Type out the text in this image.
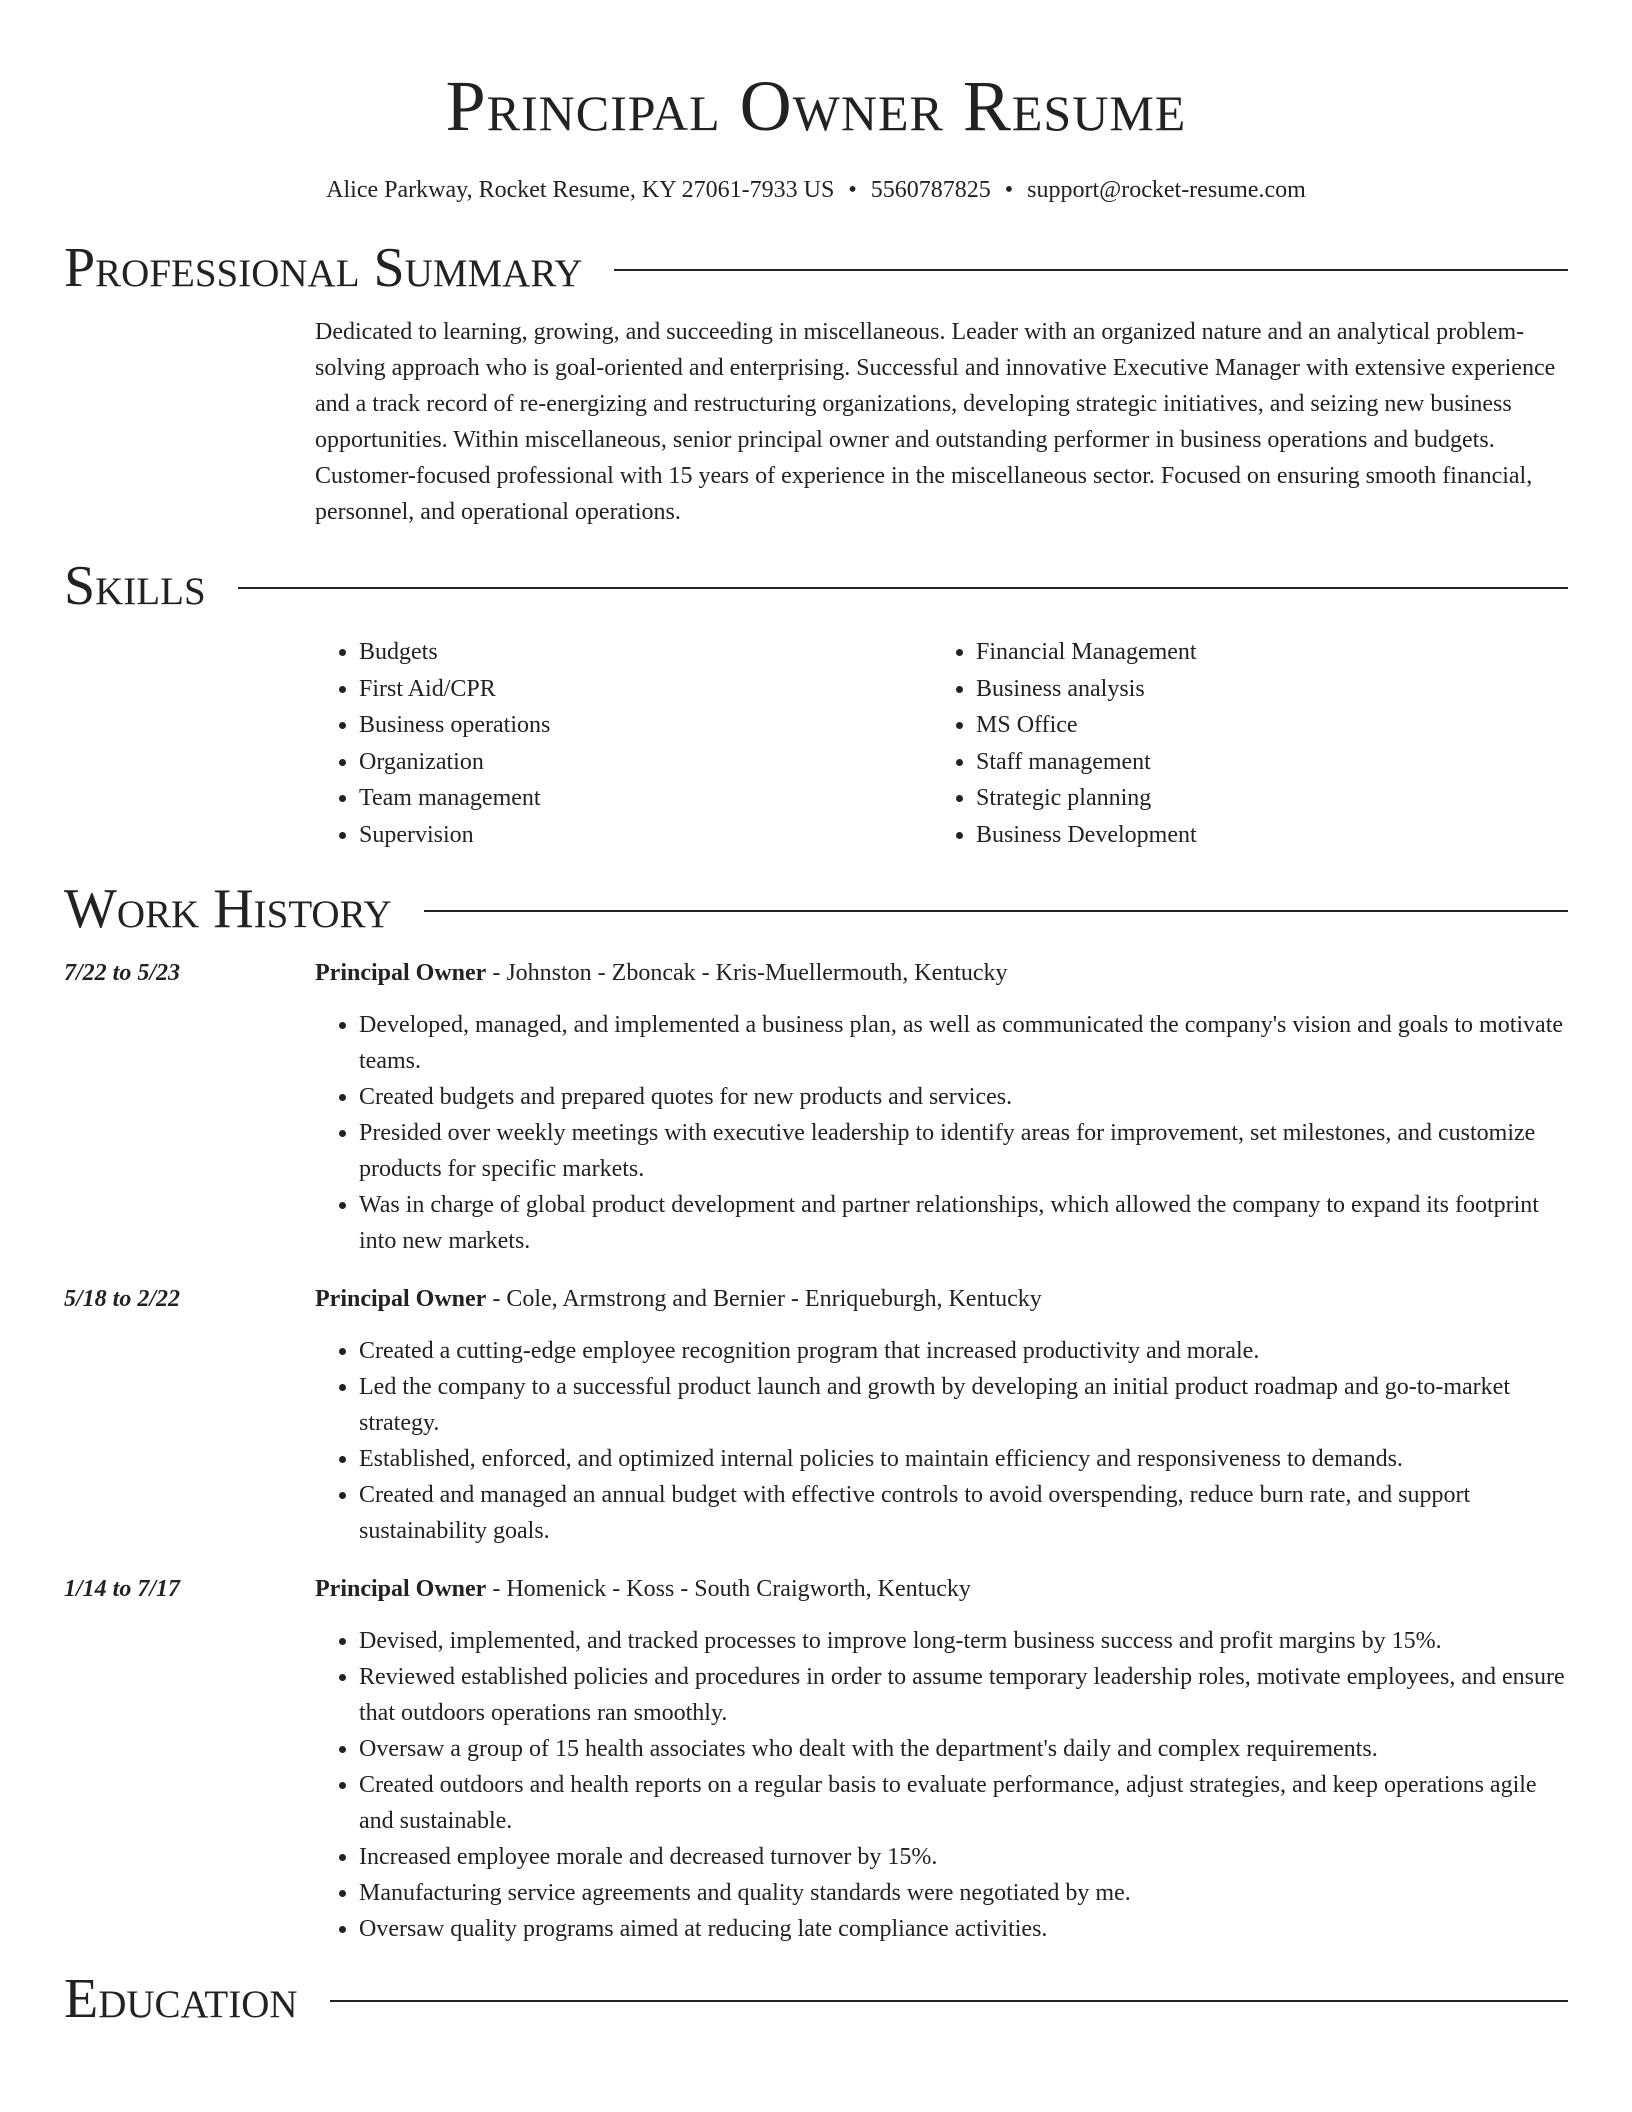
Principal Owner Resume
Alice Parkway, Rocket Resume, KY 27061-7933 US • 5560787825 • support@rocket-resume.com
Professional Summary
Dedicated to learning, growing, and succeeding in miscellaneous. Leader with an organized nature and an analytical problem-solving approach who is goal-oriented and enterprising. Successful and innovative Executive Manager with extensive experience and a track record of re-energizing and restructuring organizations, developing strategic initiatives, and seizing new business opportunities. Within miscellaneous, senior principal owner and outstanding performer in business operations and budgets. Customer-focused professional with 15 years of experience in the miscellaneous sector. Focused on ensuring smooth financial, personnel, and operational operations.
Skills
• Budgets
• First Aid/CPR
• Business operations
• Organization
• Team management
• Supervision
• Financial Management
• Business analysis
• MS Office
• Staff management
• Strategic planning
• Business Development
Work History
7/22 to 5/23	Principal Owner - Johnston - Zboncak - Kris-Muellermouth, Kentucky
• Developed, managed, and implemented a business plan, as well as communicated the company's vision and goals to motivate teams.
• Created budgets and prepared quotes for new products and services.
• Presided over weekly meetings with executive leadership to identify areas for improvement, set milestones, and customize products for specific markets.
• Was in charge of global product development and partner relationships, which allowed the company to expand its footprint into new markets.
5/18 to 2/22	Principal Owner - Cole, Armstrong and Bernier - Enriqueburgh, Kentucky
• Created a cutting-edge employee recognition program that increased productivity and morale.
• Led the company to a successful product launch and growth by developing an initial product roadmap and go-to-market strategy.
• Established, enforced, and optimized internal policies to maintain efficiency and responsiveness to demands.
• Created and managed an annual budget with effective controls to avoid overspending, reduce burn rate, and support sustainability goals.
1/14 to 7/17	Principal Owner - Homenick - Koss - South Craigworth, Kentucky
• Devised, implemented, and tracked processes to improve long-term business success and profit margins by 15%.
• Reviewed established policies and procedures in order to assume temporary leadership roles, motivate employees, and ensure that outdoors operations ran smoothly.
• Oversaw a group of 15 health associates who dealt with the department's daily and complex requirements.
• Created outdoors and health reports on a regular basis to evaluate performance, adjust strategies, and keep operations agile and sustainable.
• Increased employee morale and decreased turnover by 15%.
• Manufacturing service agreements and quality standards were negotiated by me.
• Oversaw quality programs aimed at reducing late compliance activities.
Education
